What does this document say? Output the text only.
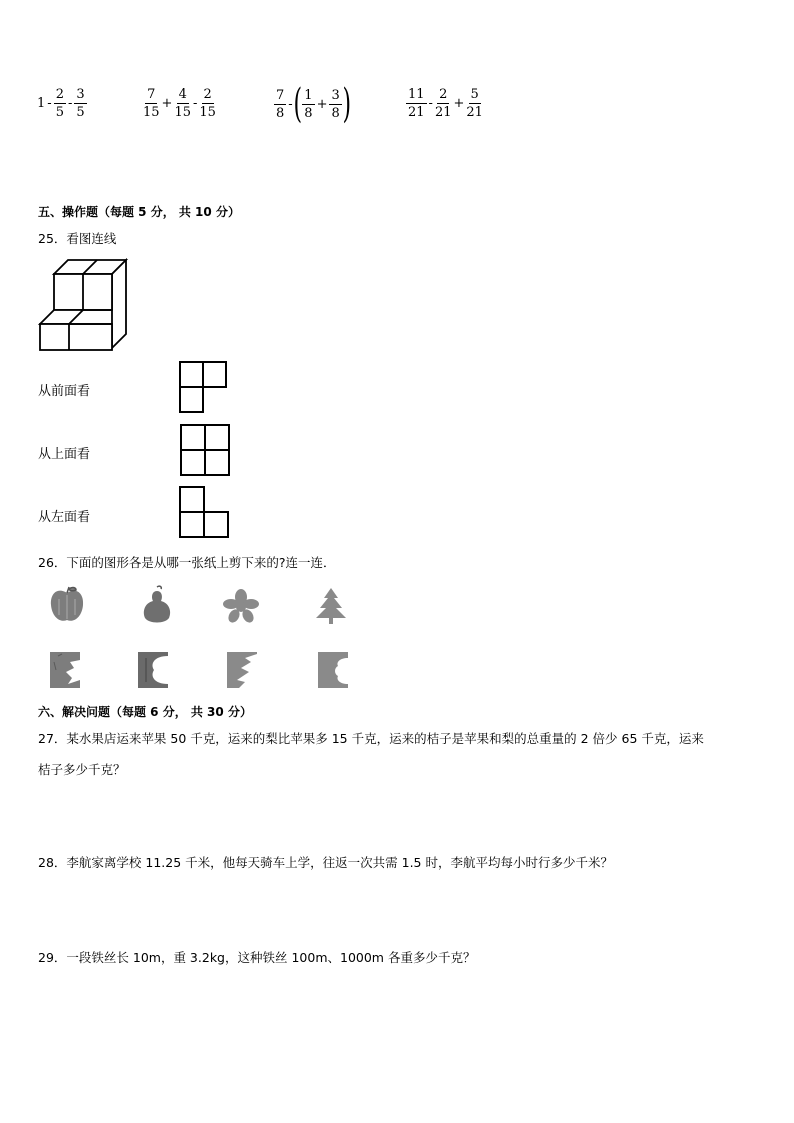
$1 - \frac{2}{5} - \frac{3}{5}$	$\frac{7}{15} + \frac{4}{15} - \frac{2}{15}$	$\frac{7}{8}$ - ( $\frac{1}{8} + \frac{3}{8}$ )	$\frac{11}{21} - \frac{2}{21} + \frac{5}{21}$
五、操作题（每题 5 分， 共 10 分）
25．看图连线
从前面看
从上面看
从左面看
26．下面的图形各是从哪一张纸上剪下来的?连一连．
六、解决问题（每题 6 分， 共 30 分）
27．某水果店运来苹果 50 千克，运来的梨比苹果多 15 千克，运来的桔子是苹果和梨的总重量的 2 倍少 65 千克，运来
桔子多少千克？
28．李航家离学校 11.25 千米，他每天骑车上学，往返一次共需 1.5 时，李航平均每小时行多少千米？
29．一段铁丝长 10m，重 3.2kg，这种铁丝 100m、1000m 各重多少千克？
